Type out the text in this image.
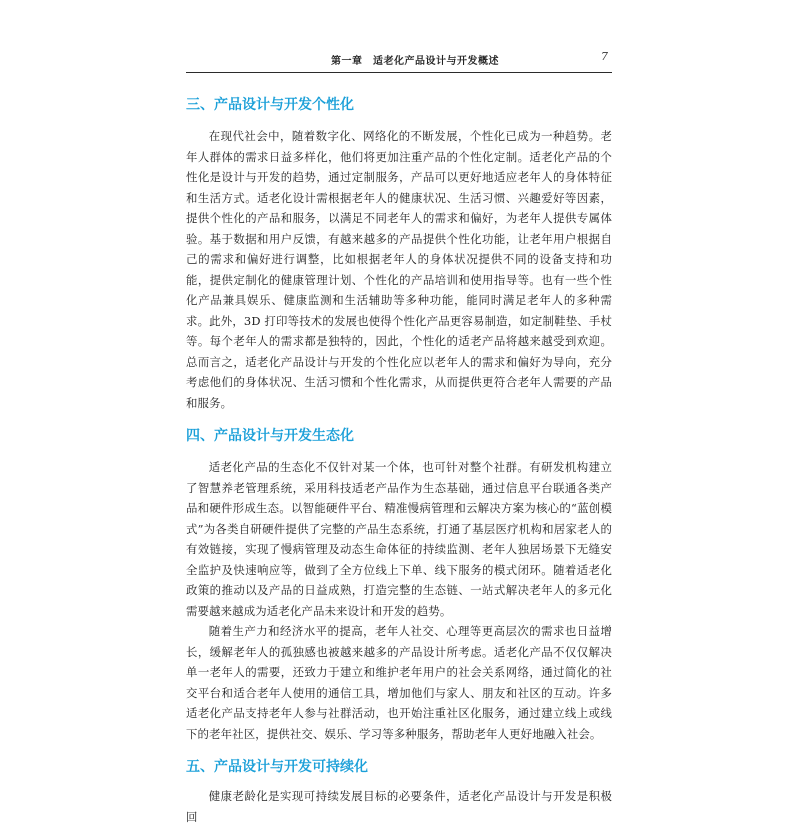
第一章　适老化产品设计与开发概述	7
三、产品设计与开发个性化

在现代社会中，随着数字化、网络化的不断发展，个性化已成为一种趋势。老年人群体的需求日益多样化，他们将更加注重产品的个性化定制。适老化产品的个性化是设计与开发的趋势，通过定制服务，产品可以更好地适应老年人的身体特征和生活方式。适老化设计需根据老年人的健康状况、生活习惯、兴趣爱好等因素，提供个性化的产品和服务，以满足不同老年人的需求和偏好，为老年人提供专属体验。基于数据和用户反馈，有越来越多的产品提供个性化功能，让老年用户根据自己的需求和偏好进行调整，比如根据老年人的身体状况提供不同的设备支持和功能，提供定制化的健康管理计划、个性化的产品培训和使用指导等。也有一些个性化产品兼具娱乐、健康监测和生活辅助等多种功能，能同时满足老年人的多种需求。此外，3D 打印等技术的发展也使得个性化产品更容易制造，如定制鞋垫、手杖等。每个老年人的需求都是独特的，因此，个性化的适老产品将越来越受到欢迎。总而言之，适老化产品设计与开发的个性化应以老年人的需求和偏好为导向，充分考虑他们的身体状况、生活习惯和个性化需求，从而提供更符合老年人需要的产品和服务。

四、产品设计与开发生态化

适老化产品的生态化不仅针对某一个体，也可针对整个社群。有研发机构建立了智慧养老管理系统，采用科技适老产品作为生态基础，通过信息平台联通各类产品和硬件形成生态。以智能硬件平台、精准慢病管理和云解决方案为核心的“蓝创模式”为各类自研硬件提供了完整的产品生态系统，打通了基层医疗机构和居家老人的有效链接，实现了慢病管理及动态生命体征的持续监测、老年人独居场景下无缝安全监护及快速响应等，做到了全方位线上下单、线下服务的模式闭环。随着适老化政策的推动以及产品的日益成熟，打造完整的生态链、一站式解决老年人的多元化需要越来越成为适老化产品未来设计和开发的趋势。

随着生产力和经济水平的提高，老年人社交、心理等更高层次的需求也日益增长，缓解老年人的孤独感也被越来越多的产品设计所考虑。适老化产品不仅仅解决单一老年人的需要，还致力于建立和维护老年用户的社会关系网络，通过简化的社交平台和适合老年人使用的通信工具，增加他们与家人、朋友和社区的互动。许多适老化产品支持老年人参与社群活动，也开始注重社区化服务，通过建立线上或线下的老年社区，提供社交、娱乐、学习等多种服务，帮助老年人更好地融入社会。

五、产品设计与开发可持续化

健康老龄化是实现可持续发展目标的必要条件，适老化产品设计与开发是积极回
